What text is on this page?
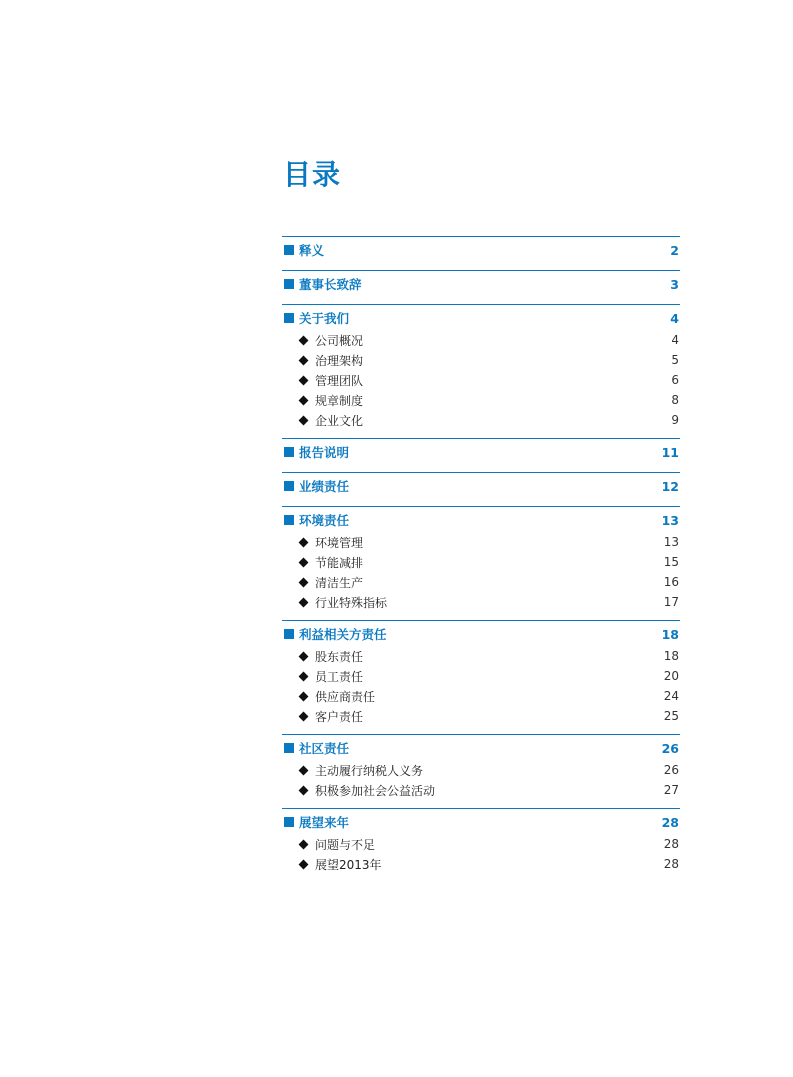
目录
释义	2
董事长致辞	3
关于我们	4
公司概况	4
治理架构	5
管理团队	6
规章制度	8
企业文化	9
报告说明	11
业绩责任	12
环境责任	13
环境管理	13
节能减排	15
清洁生产	16
行业特殊指标	17
利益相关方责任	18
股东责任	18
员工责任	20
供应商责任	24
客户责任	25
社区责任	26
主动履行纳税人义务	26
积极参加社会公益活动	27
展望来年	28
问题与不足	28
展望2013年	28
